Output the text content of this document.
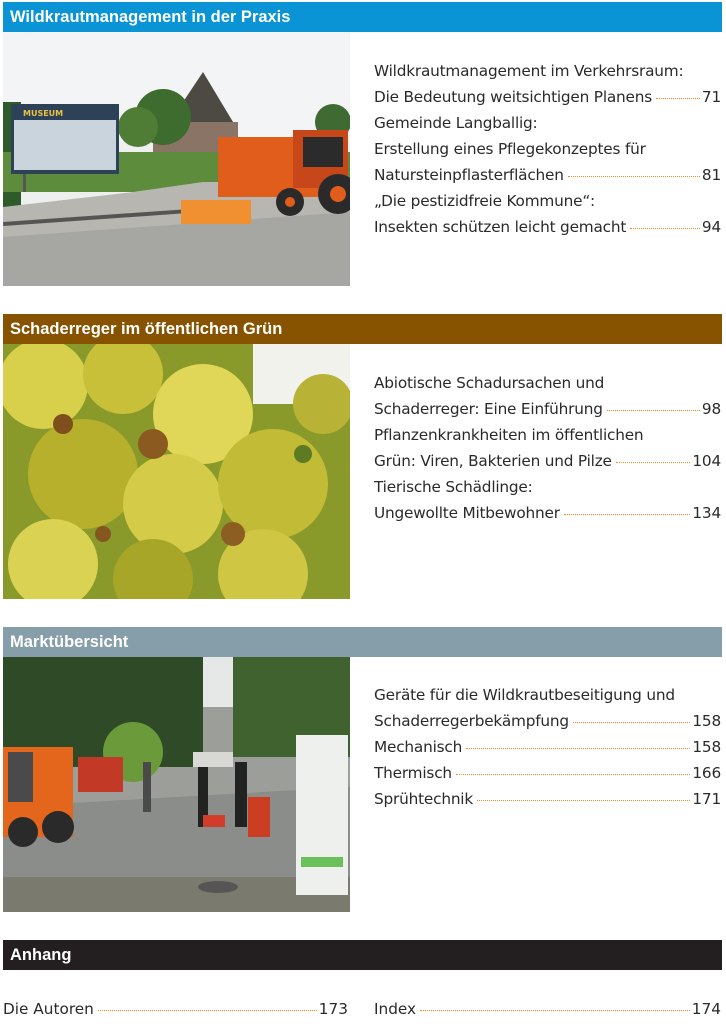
Wildkrautmanagement in der Praxis
MUSEUM
Wildkrautmanagement im Verkehrsraum:
Die Bedeutung weitsichtigen Planens	71
Gemeinde Langballig:
Erstellung eines Pflegekonzeptes für
Natursteinpflasterflächen	81
„Die pestizidfreie Kommune“:
Insekten schützen leicht gemacht	94
Schaderreger im öffentlichen Grün
Abiotische Schadursachen und
Schaderreger: Eine Einführung	98
Pflanzenkrankheiten im öffentlichen
Grün: Viren, Bakterien und Pilze	104
Tierische Schädlinge:
Ungewollte Mitbewohner	134
Marktübersicht
Geräte für die Wildkrautbeseitigung und
Schaderregerbekämpfung	158
Mechanisch	158
Thermisch	166
Sprühtechnik	171
Anhang
Die Autoren	173 Index	174
